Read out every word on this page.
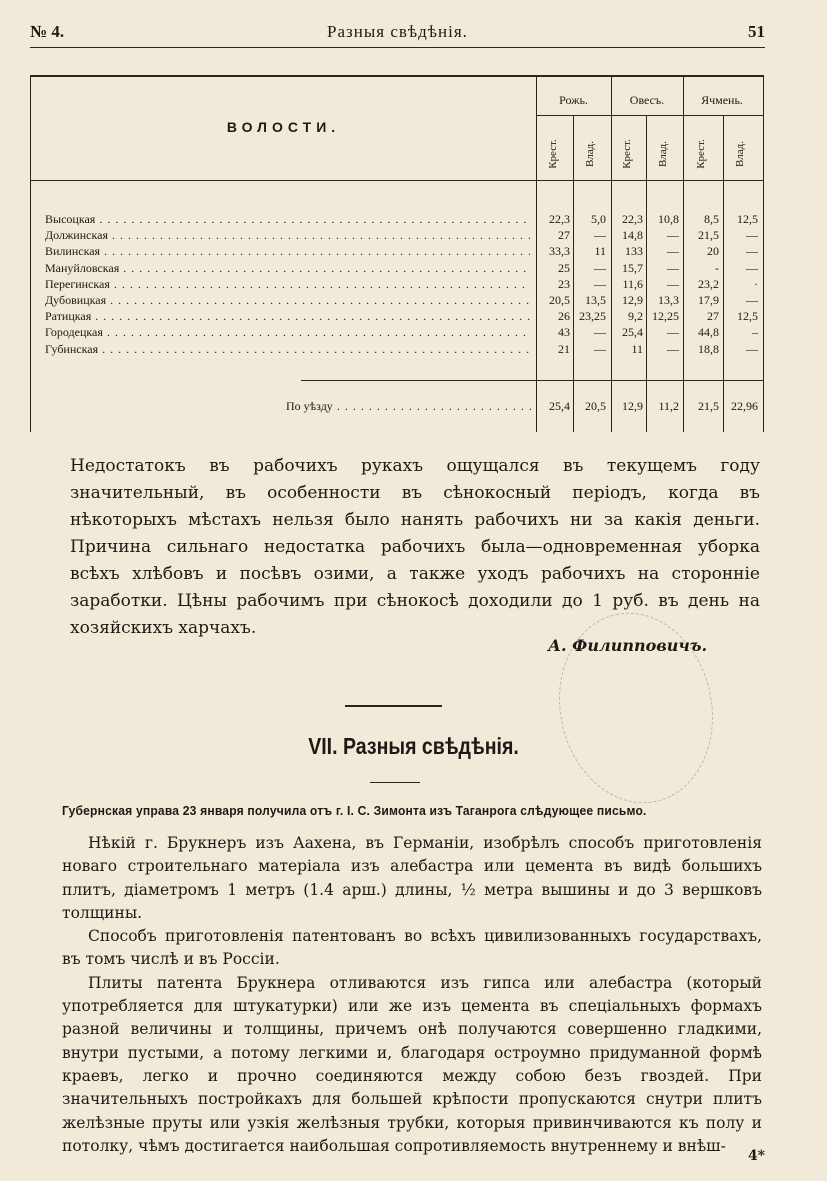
№ 4.	Разныя свѣдѣнія.	51
ВОЛОСТИ.
Рожь.	Овесъ.	Ячмень.
Крест. Влад. Крест. Влад. Крест. Влад.
Высоцкая . . .	22,3 5,0 22,3 10,8 8,5 12,5
Должинская . . .	27 — 14,8 — 21,5 —
Вилинская . . .	33,3 11 133 — 20 —
Мануйловская . . .	25 — 15,7 —	- —
Перегинская . . .	23 — 11,6 — 23,2	·
Дубовицкая . . .	20,5 13,5 12,9 13,3 17,9 —
Ратицкая . . .	26 23,25 9,2 12,25 27 12,5
Городецкая . . .	43 — 25,4 — 44,8	–
Губинская . . .	21 — 11 — 18,8 —
По уѣзду . . .	25,4 20,5 12,9 11,2 21,5 22,96

Недостатокъ въ рабочихъ рукахъ ощущался въ текущемъ году значительный, въ особенности въ сѣнокосный періодъ, когда въ нѣкоторыхъ мѣстахъ нельзя было нанять рабочихъ ни за какія деньги. Причина сильнаго недостатка рабочихъ была—одновременная уборка всѣхъ хлѣбовъ и посѣвъ озими, а также уходъ рабочихъ на сторонніе заработки. Цѣны рабочимъ при сѣнокосѣ доходили до 1 руб. въ день на хозяйскихъ харчахъ.

А. Филипповичъ.
VII. Разныя свѣдѣнія.
Губернская управа 23 января получила отъ г. І. С. Зимонта изъ Таганрога слѣдующее письмо.

Нѣкій г. Брукнеръ изъ Аахена, въ Германіи, изобрѣлъ способъ приготовленія новаго строительнаго матеріала изъ алебастра или цемента въ видѣ большихъ плитъ, діаметромъ 1 метръ (1.4 арш.) длины, ½ метра вышины и до 3 вершковъ толщины.

Способъ приготовленія патентованъ во всѣхъ цивилизованныхъ государствахъ, въ томъ числѣ и въ Россіи.

Плиты патента Брукнера отливаются изъ гипса или алебастра (который употребляется для штукатурки) или же изъ цемента въ спеціальныхъ формахъ разной величины и толщины, причемъ онѣ получаются совершенно гладкими, внутри пустыми, а потому легкими и, благодаря остроумно придуманной формѣ краевъ, легко и прочно соединяются между собою безъ гвоздей. При значительныхъ постройкахъ для большей крѣпости пропускаются снутри плитъ желѣзные пруты или узкія желѣзныя трубки, которыя привинчиваются къ полу и потолку, чѣмъ достигается наибольшая сопротивляемость внутреннему и внѣш-

4*
